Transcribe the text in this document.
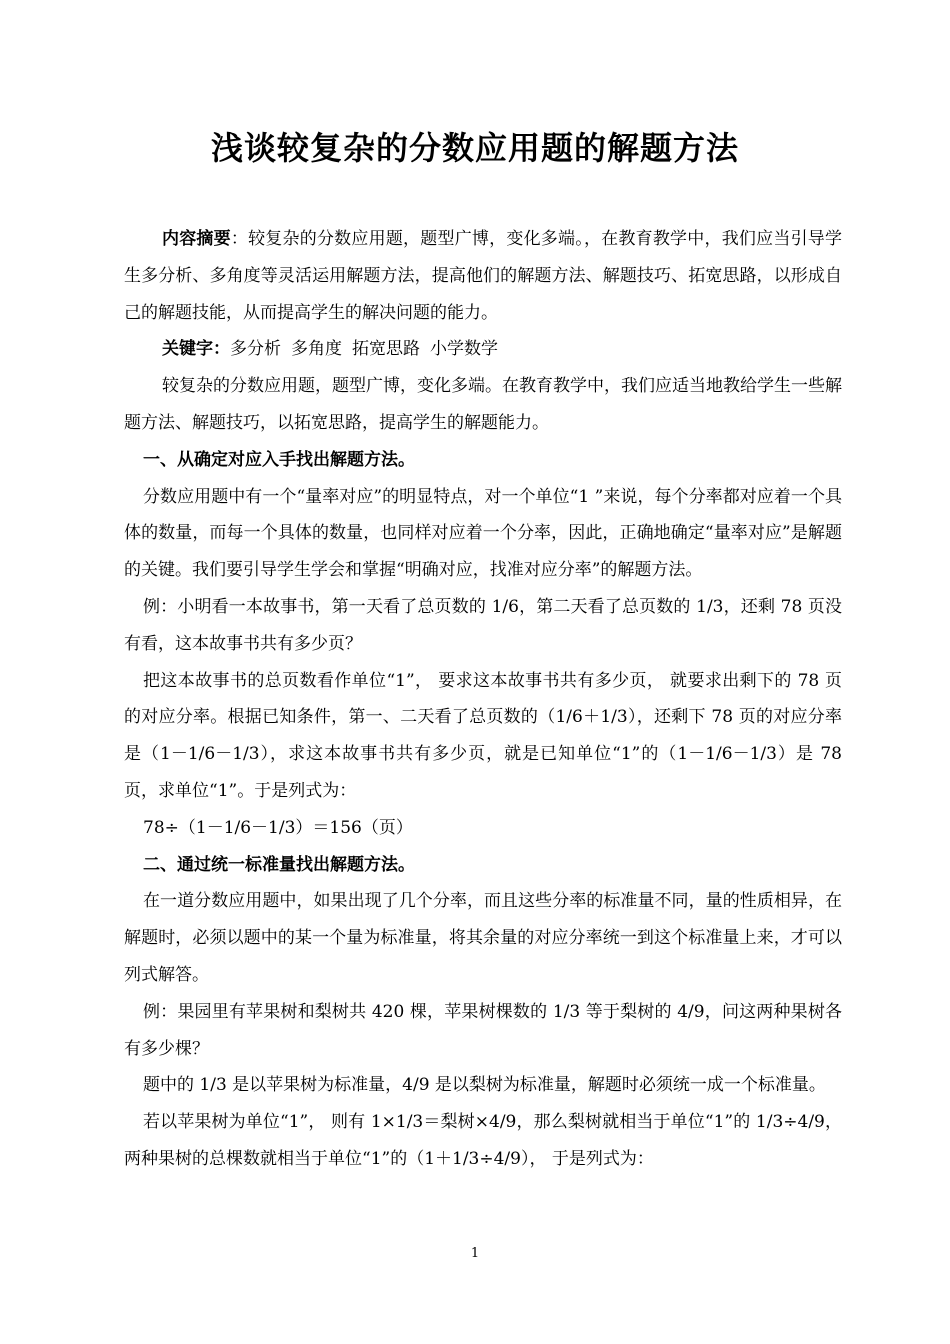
浅谈较复杂的分数应用题的解题方法

内容摘要：较复杂的分数应用题，题型广博，变化多端。，在教育教学中，我们应当引导学生多分析、多角度等灵活运用解题方法，提高他们的解题方法、解题技巧、拓宽思路，以形成自己的解题技能，从而提高学生的解决问题的能力。

关键字：多分析 多角度 拓宽思路 小学数学

较复杂的分数应用题，题型广博，变化多端。在教育教学中，我们应适当地教给学生一些解题方法、解题技巧，以拓宽思路，提高学生的解题能力。

一、从确定对应入手找出解题方法。

分数应用题中有一个“量率对应”的明显特点，对一个单位“1 ”来说，每个分率都对应着一个具体的数量，而每一个具体的数量，也同样对应着一个分率，因此，正确地确定“量率对应”是解题的关键。我们要引导学生学会和掌握“明确对应，找准对应分率”的解题方法。

例：小明看一本故事书，第一天看了总页数的 1/6，第二天看了总页数的 1/3，还剩 78 页没有看，这本故事书共有多少页？

把这本故事书的总页数看作单位“1”， 要求这本故事书共有多少页， 就要求出剩下的 78 页的对应分率。根据已知条件，第一、二天看了总页数的（1/6＋1/3），还剩下 78 页的对应分率是（1－1/6－1/3），求这本故事书共有多少页，就是已知单位“1”的（1－1/6－1/3）是 78 页，求单位“1”。于是列式为：

78÷（1－1/6－1/3）＝156（页）

二、通过统一标准量找出解题方法。

在一道分数应用题中，如果出现了几个分率，而且这些分率的标准量不同，量的性质相异，在解题时，必须以题中的某一个量为标准量，将其余量的对应分率统一到这个标准量上来，才可以列式解答。

例：果园里有苹果树和梨树共 420 棵，苹果树棵数的 1/3 等于梨树的 4/9，问这两种果树各有多少棵？

题中的 1/3 是以苹果树为标准量，4/9 是以梨树为标准量，解题时必须统一成一个标准量。

若以苹果树为单位“1”， 则有 1×1/3＝梨树×4/9，那么梨树就相当于单位“1”的 1/3÷4/9，两种果树的总棵数就相当于单位“1”的（1＋1/3÷4/9）， 于是列式为：

1
